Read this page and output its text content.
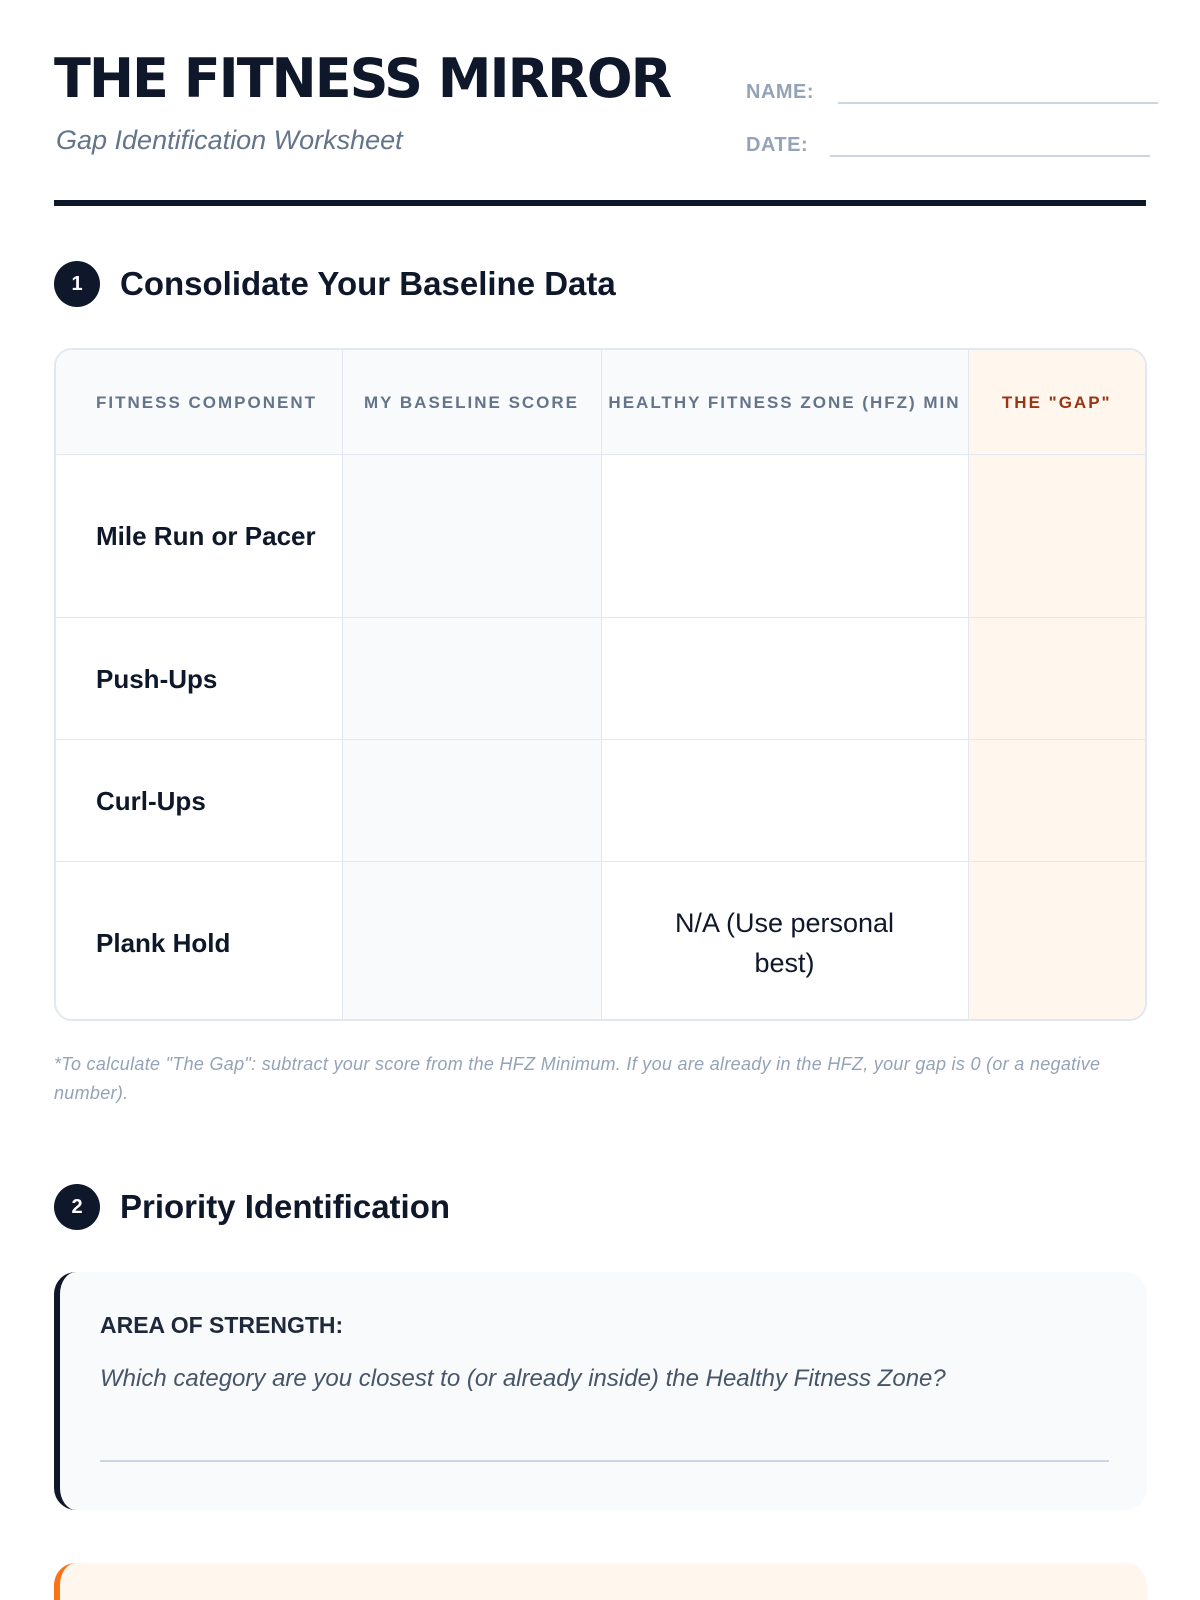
THE FITNESS MIRROR

Gap Identification Worksheet

NAME:
DATE:
1	Consolidate Your Baseline Data
FITNESS COMPONENT	MY BASELINE SCORE	HEALTHY FITNESS ZONE (HFZ) MIN	THE "GAP"
Mile Run or Pacer			
Push-Ups			
Curl-Ups			
Plank Hold		N/A (Use personal best)	

*To calculate "The Gap": subtract your score from the HFZ Minimum. If you are already in the HFZ, your gap is 0 (or a negative number).

2	Priority Identification

AREA OF STRENGTH:

Which category are you closest to (or already inside) the Healthy Fitness Zone?
